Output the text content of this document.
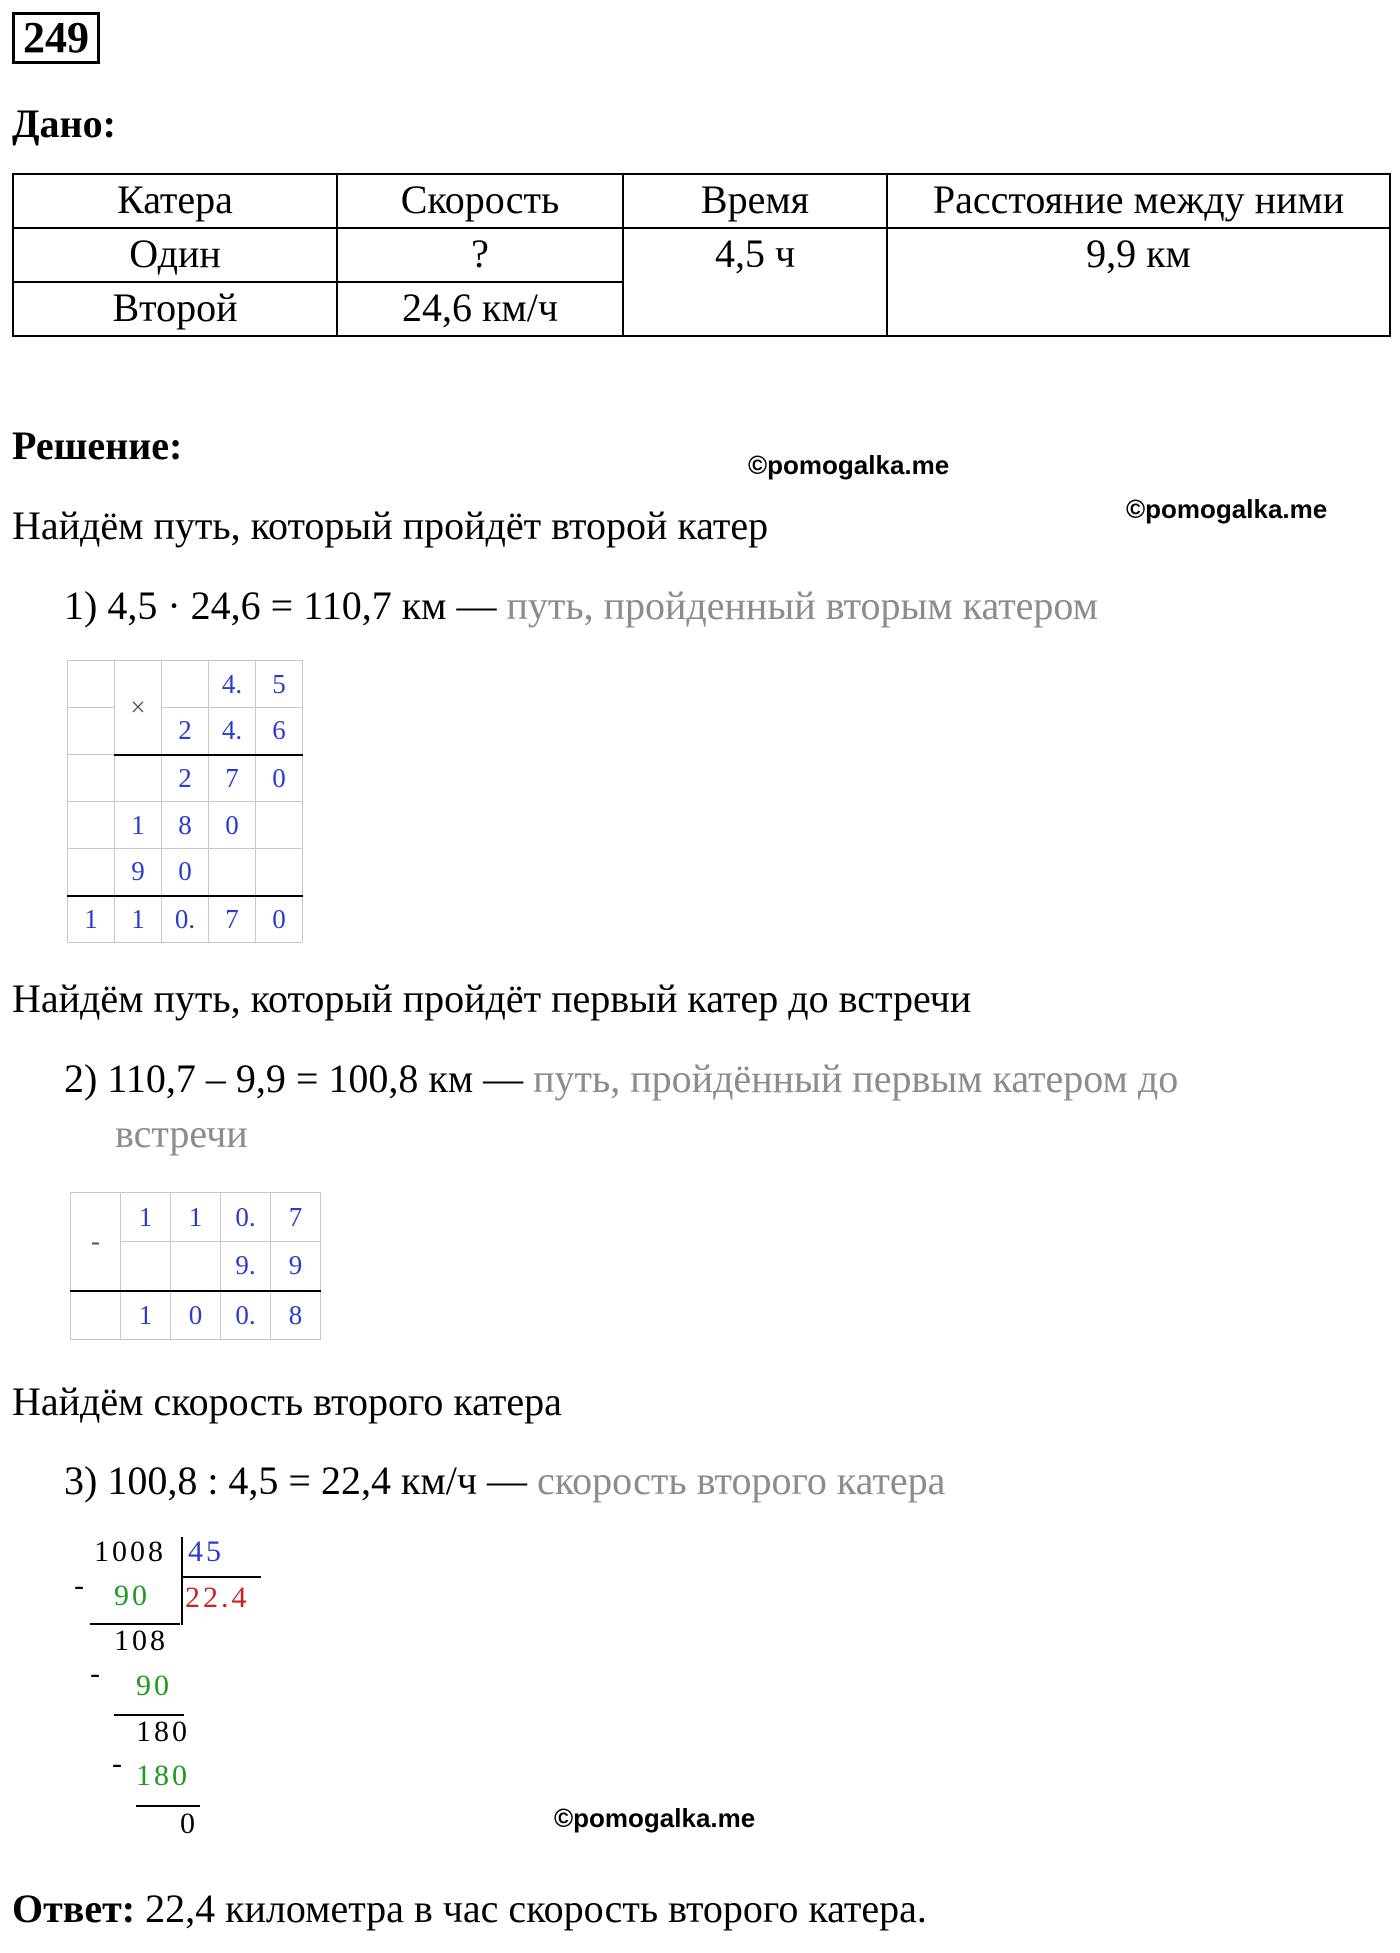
249
Дано:
Катера	Скорость	Время	Расстояние между ними
Один	?	4,5 ч	9,9 км
Второй	24,6 км/ч		
Решение:	©pomogalka.me
©pomogalka.me
Найдём путь, который пройдёт второй катер
1) 4,5 · 24,6 = 110,7 км — путь, пройденный вторым катером
	×		4.	5
		2	4.	6
		2	7	0
	1	8	0	
	9	0		
1	1	0.	7	0
Найдём путь, который пройдёт первый катер до встречи
2) 110,7 – 9,9 = 100,8 км — путь, пройдённый первым катером до
встречи
-	1	1	0.	7
			9.	9
	1	0	0.	8
Найдём скорость второго катера
3) 100,8 : 4,5 = 22,4 км/ч — скорость второго катера
1008 45
22.4
- 90
108
- 90
180
- 180
0	©pomogalka.me
Ответ: 22,4 километра в час скорость второго катера.
